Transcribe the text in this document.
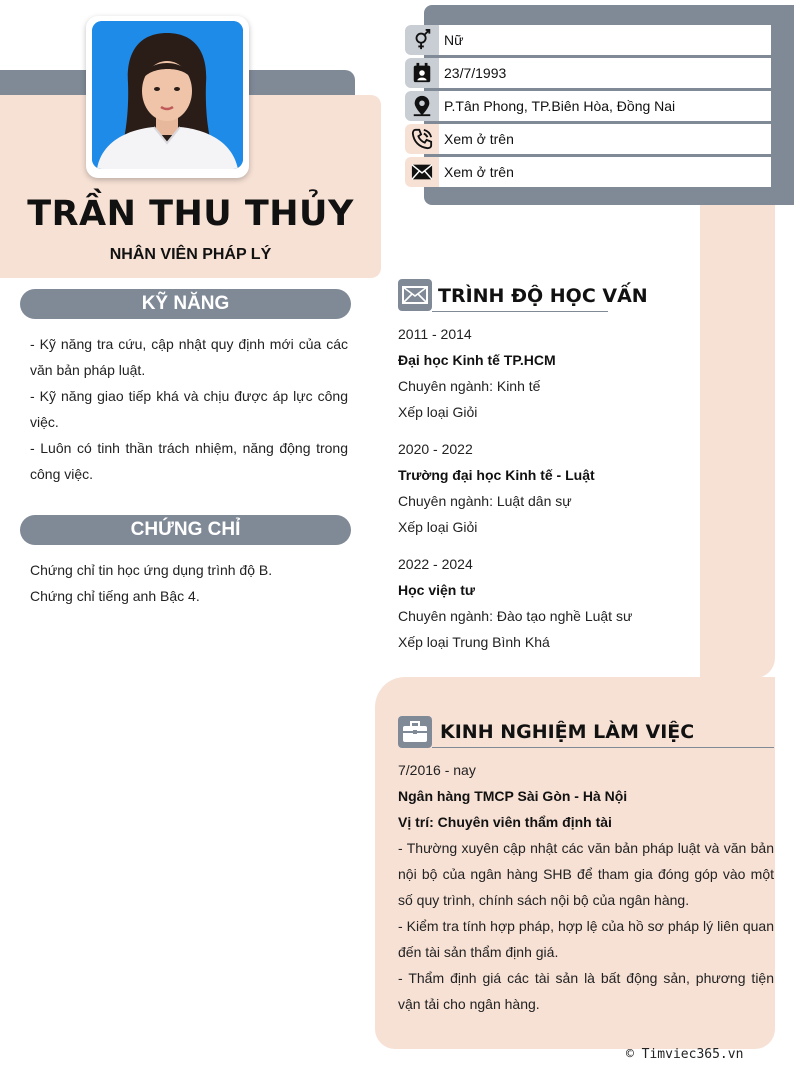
TRẦN THU THỦY
NHÂN VIÊN PHÁP LÝ
Nữ
23/7/1993
P.Tân Phong, TP.Biên Hòa, Đồng Nai
Xem ở trên
Xem ở trên
KỸ NĂNG
- Kỹ năng tra cứu, cập nhật quy định mới của các văn bản pháp luật.
- Kỹ năng giao tiếp khá và chịu được áp lực công việc.
- Luôn có tinh thần trách nhiệm, năng động trong công việc.
CHỨNG CHỈ
Chứng chỉ tin học ứng dụng trình độ B.
Chứng chỉ tiếng anh Bậc 4.
TRÌNH ĐỘ HỌC VẤN
2011 - 2014
Đại học Kinh tế TP.HCM
Chuyên ngành: Kinh tế
Xếp loại Giỏi
2020 - 2022
Trường đại học Kinh tế - Luật
Chuyên ngành: Luật dân sự
Xếp loại Giỏi
2022 - 2024
Học viện tư
Chuyên ngành: Đào tạo nghề Luật sư
Xếp loại Trung Bình Khá
KINH NGHIỆM LÀM VIỆC
7/2016 - nay
Ngân hàng TMCP Sài Gòn - Hà Nội
Vị trí: Chuyên viên thẩm định tài
- Thường xuyên cập nhật các văn bản pháp luật và văn bản nội bộ của ngân hàng SHB để tham gia đóng góp vào một số quy trình, chính sách nội bộ của ngân hàng.
- Kiểm tra tính hợp pháp, hợp lệ của hồ sơ pháp lý liên quan đến tài sản thẩm định giá.
- Thẩm định giá các tài sản là bất động sản, phương tiện vận tải cho ngân hàng.
© Timviec365.vn
